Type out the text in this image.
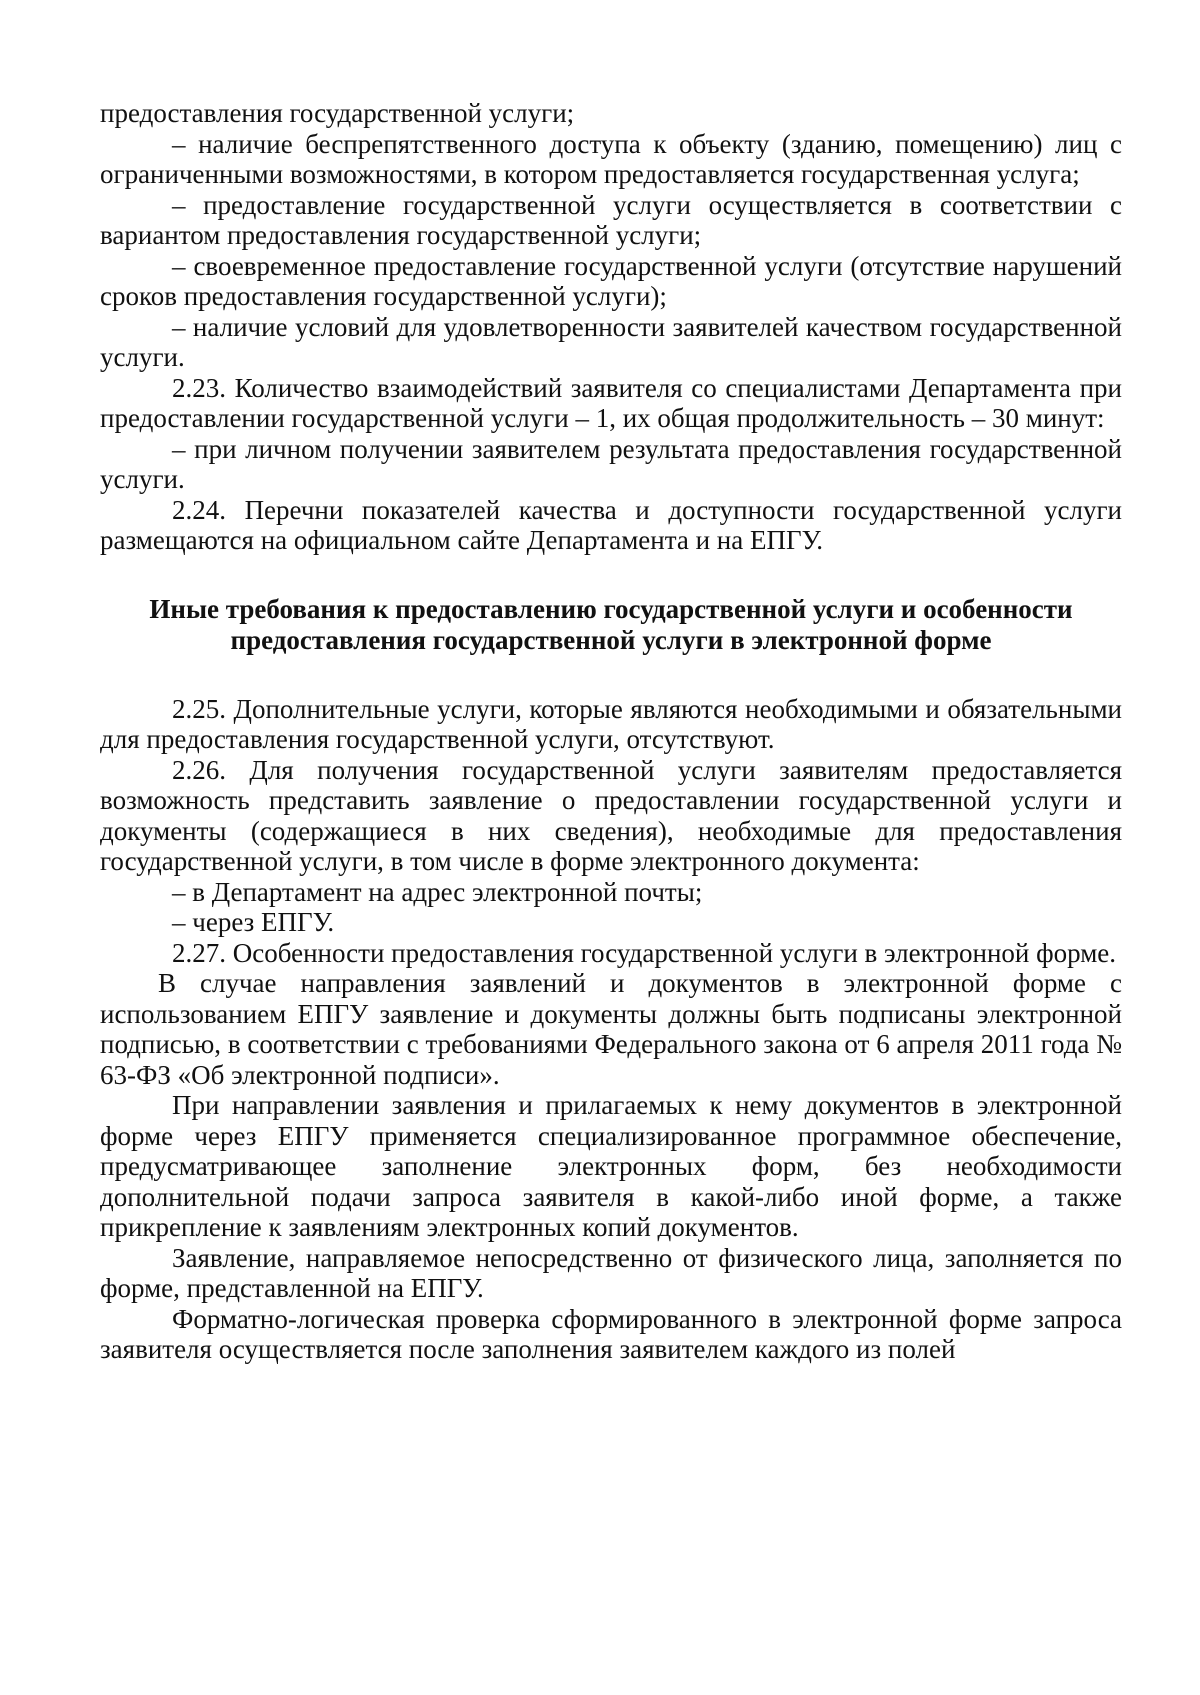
предоставления государственной услуги;

– наличие беспрепятственного доступа к объекту (зданию, помещению) лиц с ограниченными возможностями, в котором предоставляется государственная услуга;

– предоставление государственной услуги осуществляется в соответствии с вариантом предоставления государственной услуги;

– своевременное предоставление государственной услуги (отсутствие нарушений сроков предоставления государственной услуги);

– наличие условий для удовлетворенности заявителей качеством государственной услуги.

2.23. Количество взаимодействий заявителя со специалистами Департамента при предоставлении государственной услуги – 1, их общая продолжительность – 30 минут:

– при личном получении заявителем результата предоставления государственной услуги.

2.24. Перечни показателей качества и доступности государственной услуги размещаются на официальном сайте Департамента и на ЕПГУ.

Иные требования к предоставлению государственной услуги и особенности
предоставления государственной услуги в электронной форме

2.25. Дополнительные услуги, которые являются необходимыми и обязательными для предоставления государственной услуги, отсутствуют.

2.26. Для получения государственной услуги заявителям предоставляется возможность представить заявление о предоставлении государственной услуги и документы (содержащиеся в них сведения), необходимые для предоставления государственной услуги, в том числе в форме электронного документа:

– в Департамент на адрес электронной почты;

– через ЕПГУ.

2.27. Особенности предоставления государственной услуги в электронной форме.

В случае направления заявлений и документов в электронной форме с использованием ЕПГУ заявление и документы должны быть подписаны электронной подписью, в соответствии с требованиями Федерального закона от 6 апреля 2011 года № 63-ФЗ «Об электронной подписи».

При направлении заявления и прилагаемых к нему документов в электронной форме через ЕПГУ применяется специализированное программное обеспечение, предусматривающее заполнение электронных форм, без необходимости дополнительной подачи запроса заявителя в какой-либо иной форме, а также прикрепление к заявлениям электронных копий документов.

Заявление, направляемое непосредственно от физического лица, заполняется по форме, представленной на ЕПГУ.

Форматно-логическая проверка сформированного в электронной форме запроса заявителя осуществляется после заполнения заявителем каждого из полей
